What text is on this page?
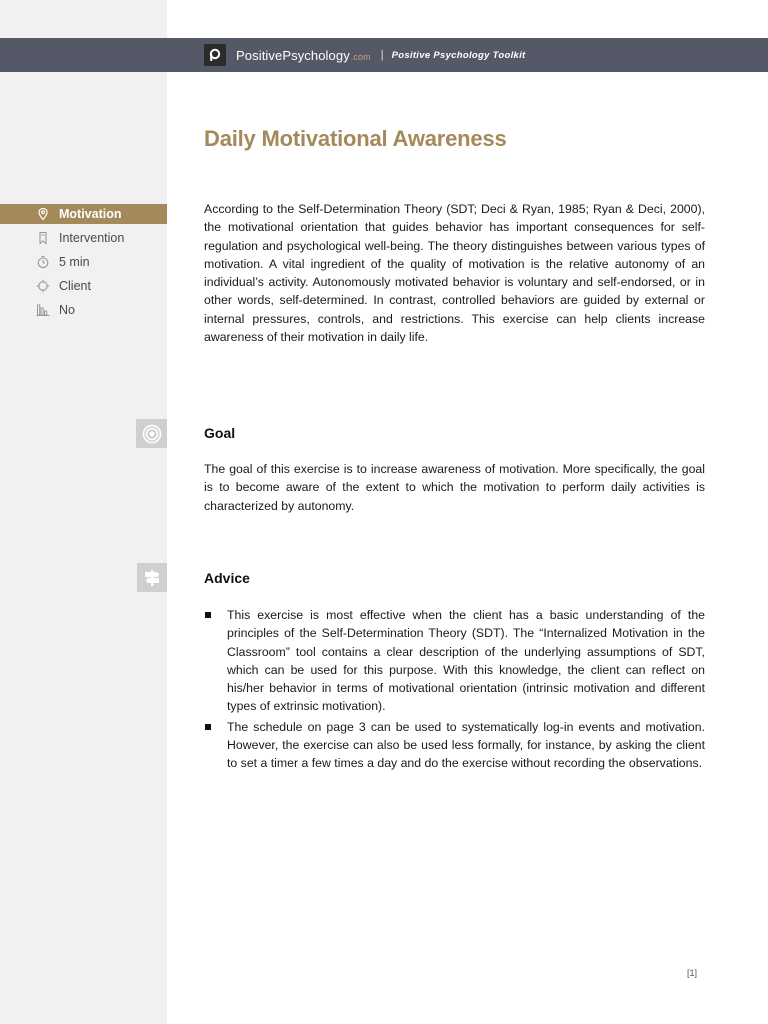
PositivePsychology.com | Positive Psychology Toolkit
Daily Motivational Awareness
Motivation
Intervention
5 min
Client
No

According to the Self-Determination Theory (SDT; Deci & Ryan, 1985; Ryan & Deci, 2000), the motivational orientation that guides behavior has important consequences for self-regulation and psychological well-being. The theory distinguishes between various types of motivation. A vital ingredient of the quality of motivation is the relative autonomy of an individual’s activity. Autonomously motivated behavior is voluntary and self-endorsed, or in other words, self-determined. In contrast, controlled behaviors are guided by external or internal pressures, controls, and restrictions. This exercise can help clients increase awareness of their motivation in daily life.

Goal

The goal of this exercise is to increase awareness of motivation. More specifically, the goal is to become aware of the extent to which the motivation to perform daily activities is characterized by autonomy.

Advice
This exercise is most effective when the client has a basic understanding of the principles of the Self-Determination Theory (SDT). The “Internalized Motivation in the Classroom” tool contains a clear description of the underlying assumptions of SDT, which can be used for this purpose. With this knowledge, the client can reflect on his/her behavior in terms of motivational orientation (intrinsic motivation and different types of extrinsic motivation).
The schedule on page 3 can be used to systematically log-in events and motivation. However, the exercise can also be used less formally, for instance, by asking the client to set a timer a few times a day and do the exercise without recording the observations.
[1]
